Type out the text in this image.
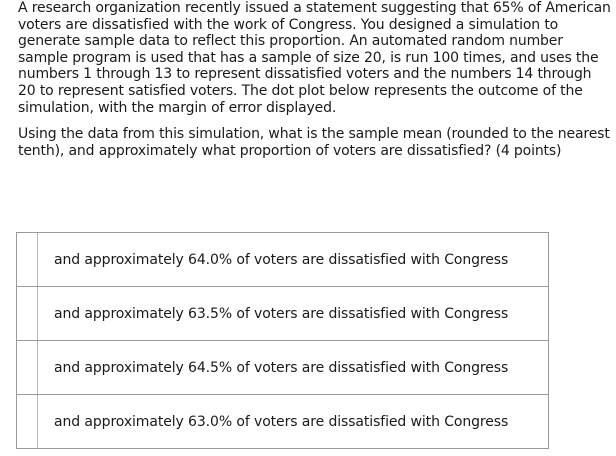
A research organization recently issued a statement suggesting that 65% of American voters are dissatisfied with the work of Congress. You designed a simulation to generate sample data to reflect this proportion. An automated random number sample program is used that has a sample of size 20, is run 100 times, and uses the numbers 1 through 13 to represent dissatisfied voters and the numbers 14 through 20 to represent satisfied voters. The dot plot below represents the outcome of the simulation, with the margin of error displayed.

Using the data from this simulation, what is the sample mean (rounded to the nearest tenth), and approximately what proportion of voters are dissatisfied? (4 points)

and approximately 64.0% of voters are dissatisfied with Congress
and approximately 63.5% of voters are dissatisfied with Congress
and approximately 64.5% of voters are dissatisfied with Congress
and approximately 63.0% of voters are dissatisfied with Congress
